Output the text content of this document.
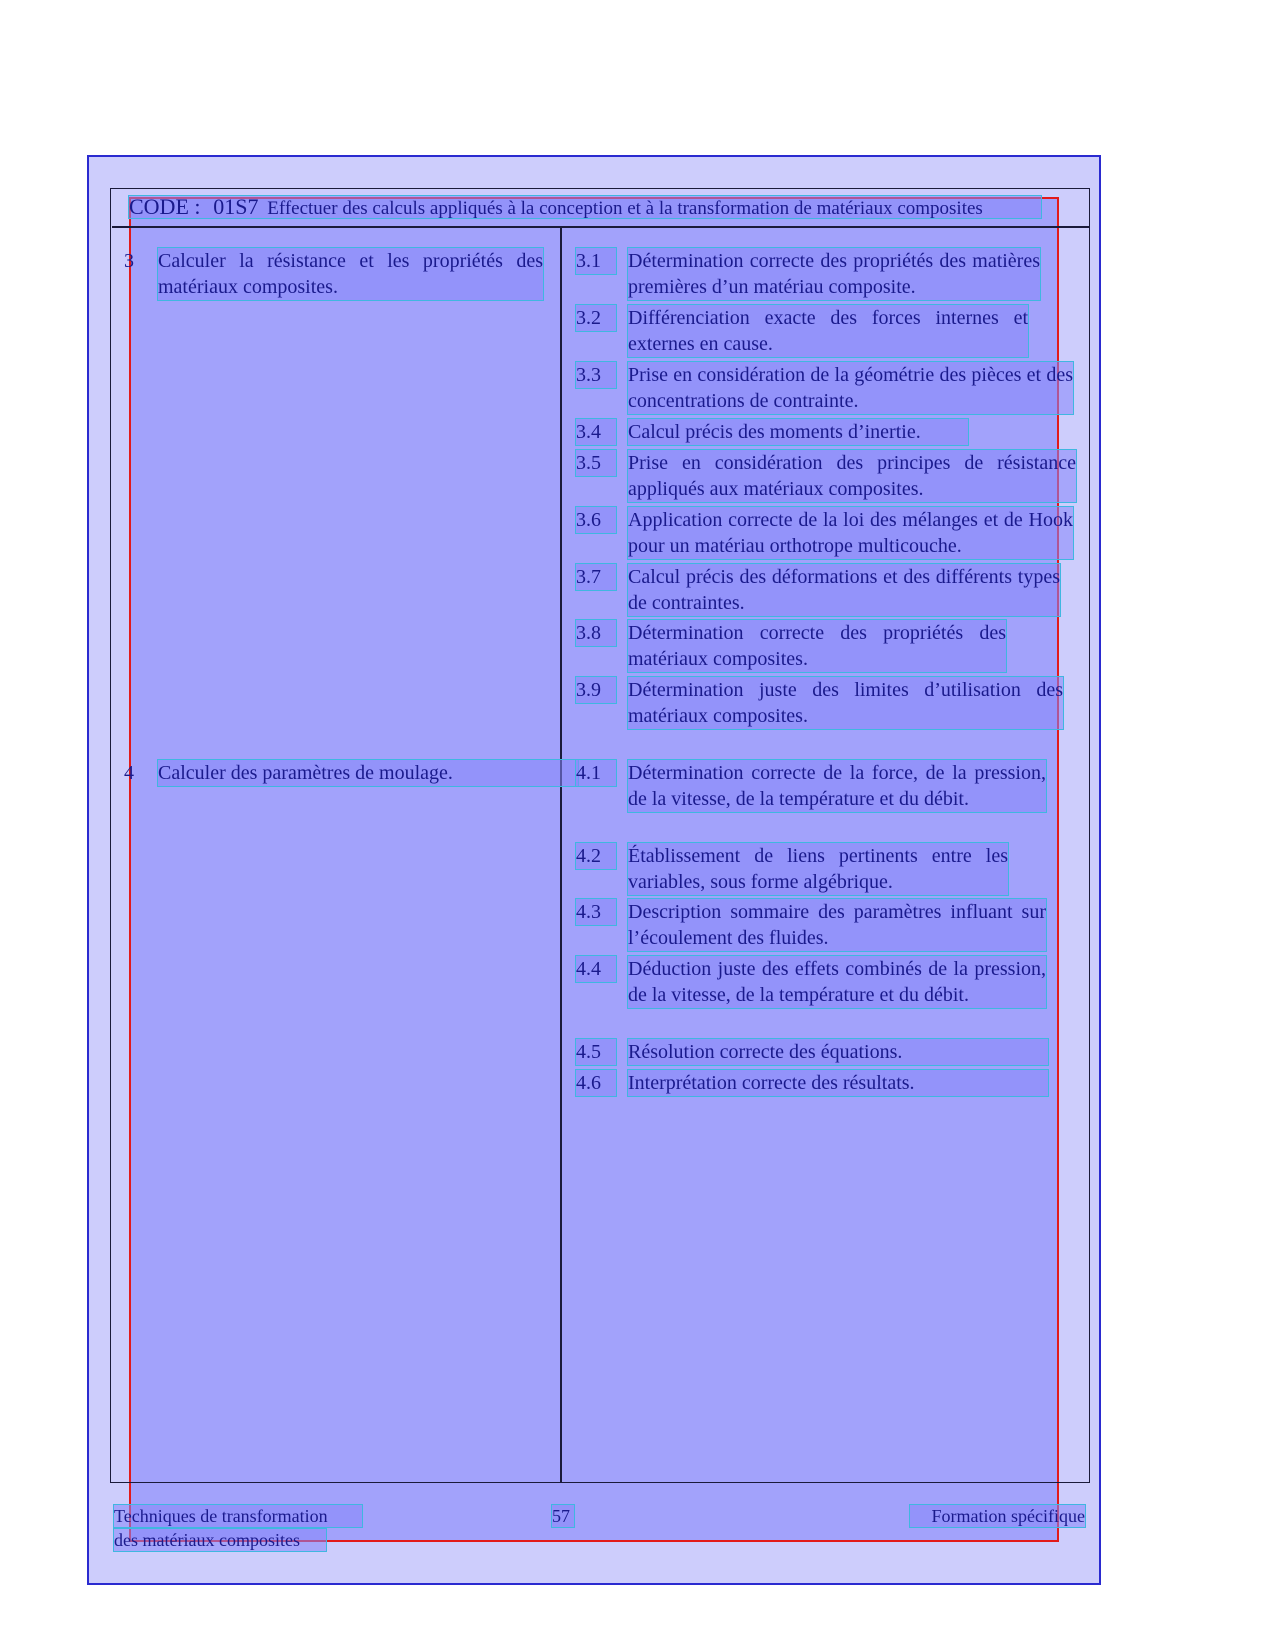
CODE : 01S7 Effectuer des calculs appliqués à la conception et à la transformation de matériaux composites
3	Calculer la résistance et les propriétés des matériaux composites.
3.1	Détermination correcte des propriétés des matières premières d’un matériau composite.
3.2	Différenciation exacte des forces internes et externes en cause.
3.3	Prise en considération de la géométrie des pièces et des concentrations de contrainte.
3.4	Calcul précis des moments d’inertie.
3.5	Prise en considération des principes de résistance appliqués aux matériaux composites.
3.6	Application correcte de la loi des mélanges et de Hook pour un matériau orthotrope multicouche.
3.7	Calcul précis des déformations et des différents types de contraintes.
3.8	Détermination correcte des propriétés des matériaux composites.
3.9	Détermination juste des limites d’utilisation des matériaux composites.
4	Calculer des paramètres de moulage.	4.1	Détermination correcte de la force, de la pression, de la vitesse, de la température et du débit.
4.2	Établissement de liens pertinents entre les variables, sous forme algébrique.
4.3	Description sommaire des paramètres influant sur l’écoulement des fluides.
4.4	Déduction juste des effets combinés de la pression, de la vitesse, de la température et du débit.
4.5	Résolution correcte des équations.
4.6	Interprétation correcte des résultats.
Techniques de transformation
des matériaux composites
57	Formation spécifique
